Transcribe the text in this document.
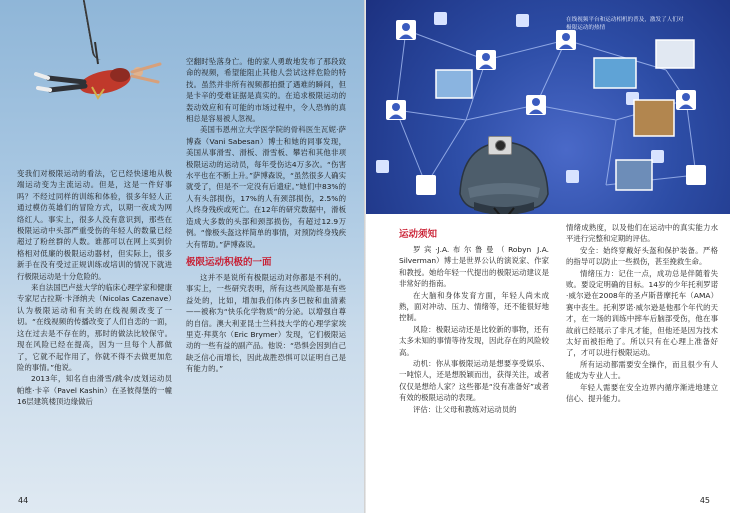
变我们对极限运动的看法，它已经快速地从极端运动变为主流运动。但是，这是一件好事吗？不经过同样的训练和体验，很多年轻人正通过模仿英雄们的冒险方式，以期一夜成为网络红人。事实上，很多人没有意识到，那些在极限运动中头部严重受伤的年轻人的数量已经超过了粉丝群的人数。谁都可以在网上买到价格相对低廉的极限运动器材，但实际上，很多新手在没有受过正规训练或培训的情况下就进行极限运动是十分危险的。

来自法国巴卢兹大学的临床心理学家和健康专家尼古拉斯·卡泽纳夫（Nicolas Cazenave）认为极限运动和有关的在线视频改变了一切。“在线视频的传播改变了人们自恋的一面，这在过去是不存在的，那时的做法比较保守。现在风险已经在提高，因为一旦每个人都做了，它就不起作用了，你就不得不去做更加危险的事情。”他说。

2013年，知名自由滑雪/跳伞/皮划运动员帕维·卡辛（Pavel Kashin）在圣彼得堡的一幢16层建筑楼顶边缘做后

空翻时坠落身亡。他的家人勇敢地发布了那段致命的视频，希望能阻止其他人尝试这样危险的特技。虽然并非所有视频都拍摄了遇难的瞬间，但是卡辛的受难证据是真实的。在追求极限运动的轰动效应和有可能的市场过程中，令人恐怖的真相总是容易被人忽视。

美国韦恩州立大学医学院的骨科医生瓦妮·萨博森（Vani Sabesan）博士和她的同事发现，美国从事滑雪、滑板、滑雪板、攀岩和其他非项极限运动的运动员，每年受伤达4万多次。“伤害水平也在不断上升。”萨博森说，“虽然很多人确实就受了，但是不一定没有后遗症。”她们中83%的人有头部损伤，17%的人有颈部损伤，2.5%的人终身残疾或死亡。在12年的研究数据中，滑板造成大多数的头部和颈部损伤，有超过12.9万例。“像极头盔这样简单的事情，对预防终身残疾大有帮助。”萨博森说。

极限运动积极的一面

这并不是说所有极限运动对你都是不利的。事实上，一些研究表明，所有这些风险都是有些益处的，比如，增加我们体内多巴胺和血清素——被称为“快乐化学物质”的分泌。以增强自尊的自信。澳大利亚昆士兰科技大学的心理学家埃里克·拜莫尔（Eric Brymer）发现，它们极限运动的一些有益的副产品。他说：“恐惧会因到自己缺乏信心而增长，因此战胜恐惧可以证明自己是有能力的。”

44
在线视频平台和运动相机的普及，激发了人们对极限运动的热情
运动须知

罗宾·J.A.布尔鲁曼（Robyn J.A. Silverman）博士是世界公认的演说家、作家和教授。她给年轻一代提出的极限运动建议是非常好的指南。

在大脑和身体发育方面，年轻人尚未成熟，面对冲动、压力、情绪等，还不能很好地控制。

风险：极限运动还是比较新的事物，还有太多未知的事情等待发现，因此存在的风险较高。

动机：你从事极限运动是想要享受娱乐、一吨惊人，还是想脱颖而出，获得关注，或者仅仅是想给人家？这些都是“没有准备好”或者有效的极限运动的表现。

评估：让父母和教练对运动员的

情绪成熟度，以及他们在运动中的真实能力水平进行完整和定期的评估。

安全：始终穿戴好头盔和保护装备。严格的指导可以防止一些损伤，甚至挽救生命。

情绪压力：记住一点，成功总是伴随着失败。要设定明确的目标。14岁的少年托利罗诺·威尔逊在2008年的圣卢斯普摩托车（AMA）赛中丧生。托利罗诺·威尔逊是他那个年代的天才，在一场的训练中摔车后脑部受伤，他在事故前已经展示了非凡才能，但他还是因为技术太好而被拒绝了。所以只有在心理上准备好了，才可以进行极限运动。

所有运动都需要安全操作，而且很少有人能成为专业人士。

年轻人需要在安全边界内循序渐进地建立信心、提升能力。

45
